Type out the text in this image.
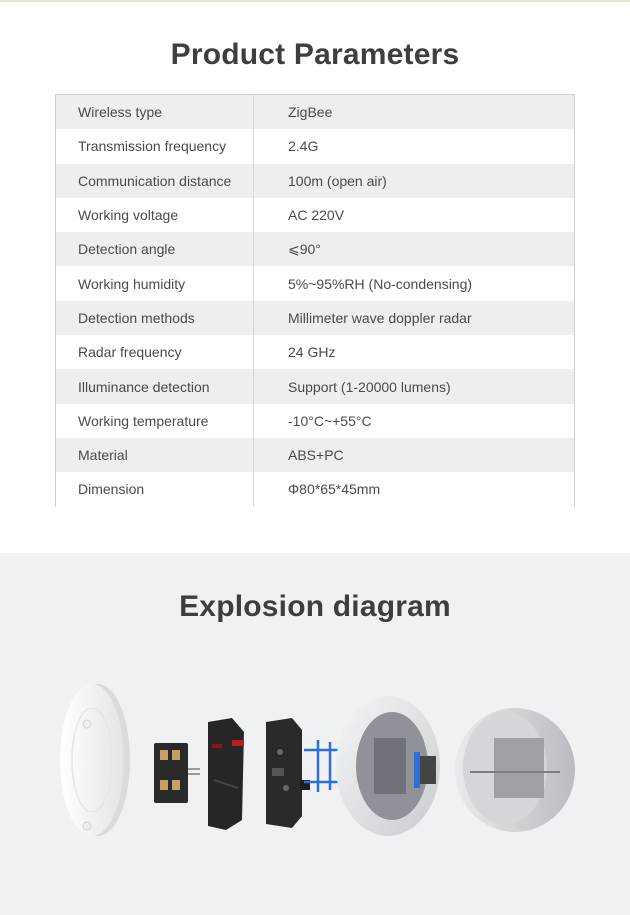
Product Parameters
Wireless type	ZigBee
Transmission frequency	2.4G
Communication distance	100m (open air)
Working voltage	AC 220V
Detection angle	⩽90°
Working humidity	5%~95%RH (No-condensing)
Detection methods	Millimeter wave doppler radar
Radar frequency	24 GHz
Illuminance detection	Support (1-20000 lumens)
Working temperature	-10°C~+55°C
Material	ABS+PC
Dimension	Φ80*65*45mm
Explosion diagram
